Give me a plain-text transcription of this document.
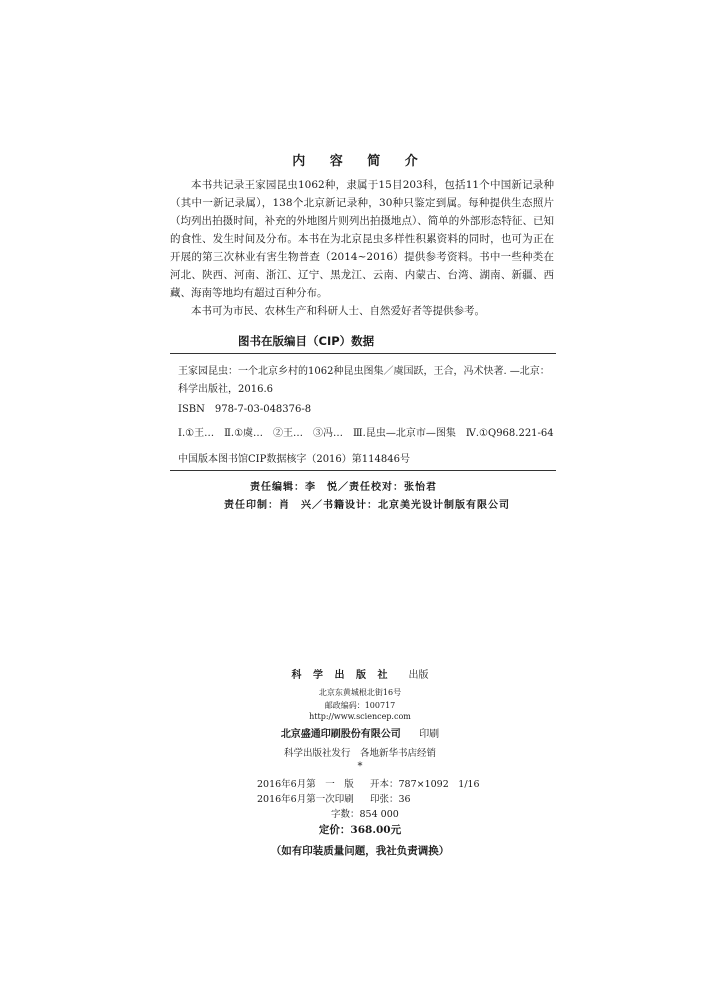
内 容 简 介

本书共记录王家园昆虫1062种，隶属于15目203科，包括11个中国新记录种（其中一新记录属），138个北京新记录种，30种只鉴定到属。每种提供生态照片（均列出拍摄时间，补充的外地图片则列出拍摄地点）、简单的外部形态特征、已知的食性、发生时间及分布。本书在为北京昆虫多样性积累资料的同时，也可为正在开展的第三次林业有害生物普查（2014~2016）提供参考资料。书中一些种类在河北、陕西、河南、浙江、辽宁、黑龙江、云南、内蒙古、台湾、湖南、新疆、西藏、海南等地均有超过百种分布。

本书可为市民、农林生产和科研人士、自然爱好者等提供参考。

图书在版编目（CIP）数据
王家园昆虫：一个北京乡村的1062种昆虫图集／虞国跃，王合，冯术快著. —北京：
科学出版社，2016.6
ISBN　978-7-03-048376-8
Ⅰ.①王…　Ⅱ.①虞…　②王…　③冯…　Ⅲ.昆虫—北京市—图集　Ⅳ.①Q968.221-64
中国版本图书馆CIP数据核字（2016）第114846号
责任编辑：李　悦／责任校对：张怡君
责任印制：肖　兴／书籍设计：北京美光设计制版有限公司
科 学 出 版 社 出版
北京东黄城根北街16号
邮政编码：100717
http://www.sciencep.com
北京盛通印刷股份有限公司 印刷
科学出版社发行　各地新华书店经销
*
2016年6月第　一　版 开本：787×1092　1/16
2016年6月第一次印刷 印张：36
字数：854 000
定价：368.00元
（如有印装质量问题，我社负责调换）
